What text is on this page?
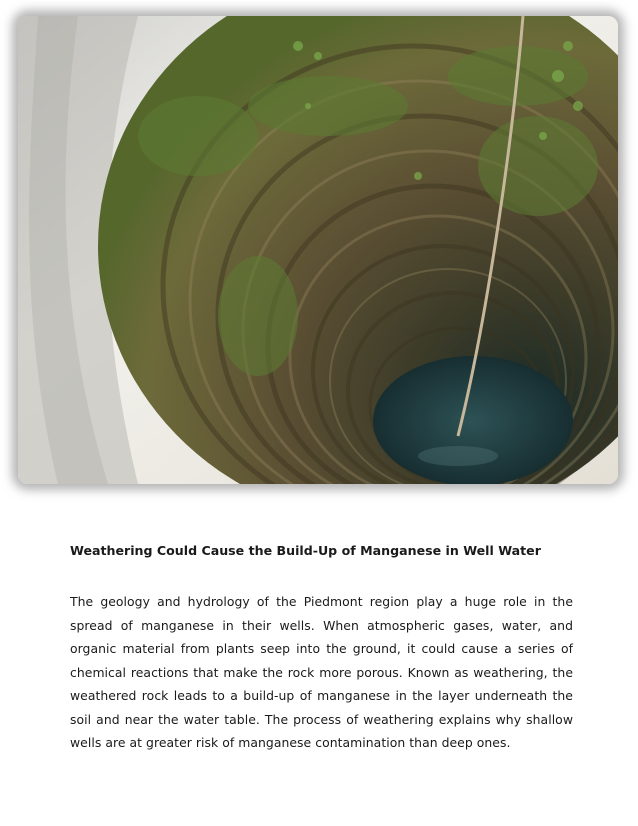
Weathering Could Cause the Build-Up of Manganese in Well Water

The geology and hydrology of the Piedmont region play a huge role in the spread of manganese in their wells. When atmospheric gases, water, and organic material from plants seep into the ground, it could cause a series of chemical reactions that make the rock more porous. Known as weathering, the weathered rock leads to a build-up of manganese in the layer underneath the soil and near the water table. The process of weathering explains why shallow wells are at greater risk of manganese contamination than deep ones.
